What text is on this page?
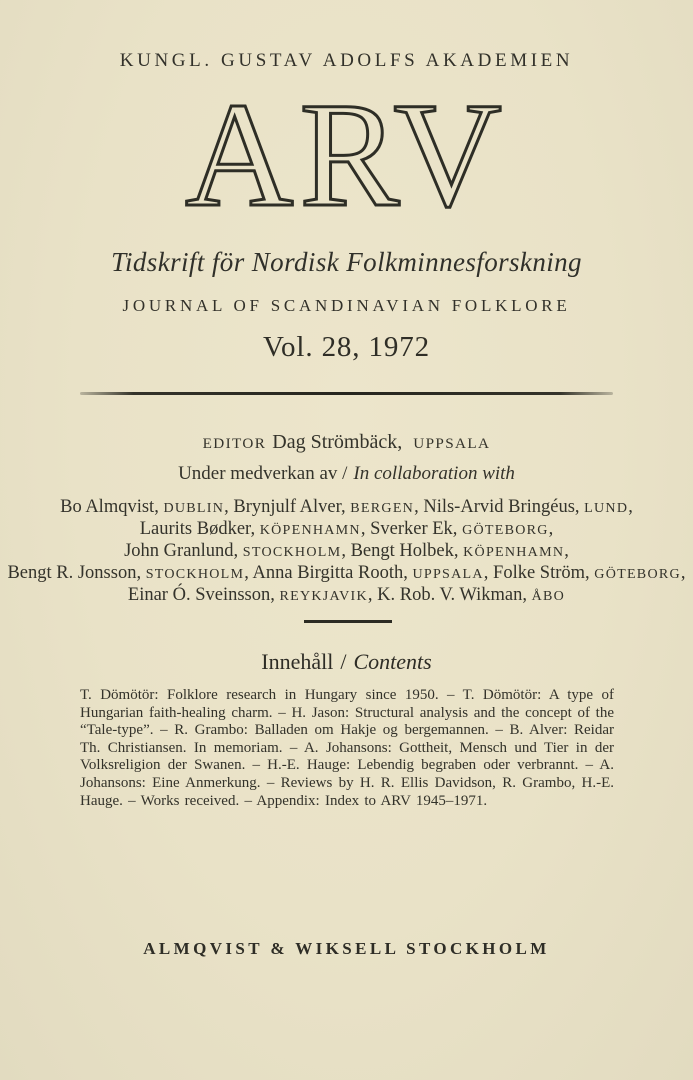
KUNGL. GUSTAV ADOLFS AKADEMIEN
ARV
Tidskrift för Nordisk Folkminnesforskning
JOURNAL OF SCANDINAVIAN FOLKLORE
Vol. 28, 1972
EDITOR Dag Strömbäck, UPPSALA
Under medverkan av / In collaboration with
Bo Almqvist, DUBLIN, Brynjulf Alver, BERGEN, Nils-Arvid Bringéus, LUND,
Laurits Bødker, KÖPENHAMN, Sverker Ek, GÖTEBORG,
John Granlund, STOCKHOLM, Bengt Holbek, KÖPENHAMN,
Bengt R. Jonsson, STOCKHOLM, Anna Birgitta Rooth, UPPSALA, Folke Ström, GÖTEBORG,
Einar Ó. Sveinsson, REYKJAVIK, K. Rob. V. Wikman, ÅBO
Innehåll / Contents
T. Dömötör: Folklore research in Hungary since 1950. – T. Dömötör: A type of Hungarian faith-healing charm. – H. Jason: Structural analysis and the concept of the “Tale-type”. – R. Grambo: Balladen om Hakje og bergemannen. – B. Alver: Reidar Th. Christiansen. In memoriam. – A. Johansons: Gottheit, Mensch und Tier in der Volksreligion der Swanen. – H.-E. Hauge: Lebendig begraben oder verbrannt. – A. Johansons: Eine Anmerkung. – Reviews by H. R. Ellis Davidson, R. Grambo, H.-E. Hauge. – Works received. – Appendix: Index to ARV 1945–1971.
ALMQVIST & WIKSELL STOCKHOLM
